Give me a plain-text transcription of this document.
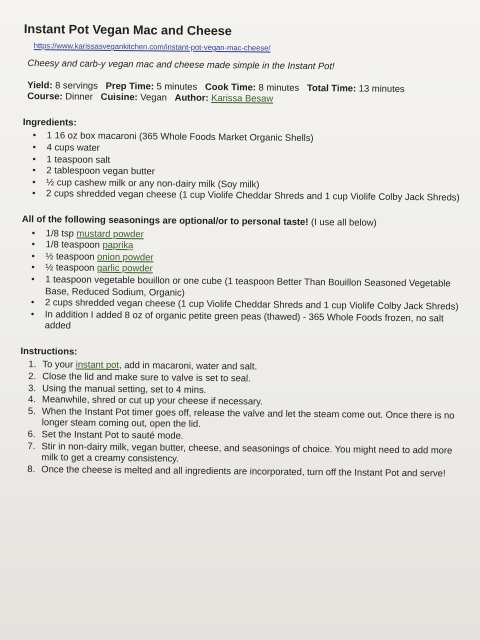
Instant Pot Vegan Mac and Cheese
https://www.karissasvegankitchen.com/instant-pot-vegan-mac-cheese/
Cheesy and carb-y vegan mac and cheese made simple in the Instant Pot!
Yield: 8 servings Prep Time: 5 minutes Cook Time: 8 minutes Total Time: 13 minutes
Course: Dinner Cuisine: Vegan Author: Karissa Besaw
Ingredients:
• 1 16 oz box macaroni (365 Whole Foods Market Organic Shells)
• 4 cups water
• 1 teaspoon salt
• 2 tablespoon vegan butter
• ½ cup cashew milk or any non-dairy milk (Soy milk)
• 2 cups shredded vegan cheese (1 cup Violife Cheddar Shreds and 1 cup Violife Colby Jack Shreds)
All of the following seasonings are optional/or to personal taste! (I use all below)
• 1/8 tsp mustard powder
• 1/8 teaspoon paprika
• ½ teaspoon onion powder
• ½ teaspoon garlic powder
• 1 teaspoon vegetable bouillon or one cube (1 teaspoon Better Than Bouillon Seasoned Vegetable Base, Reduced Sodium, Organic)
• 2 cups shredded vegan cheese (1 cup Violife Cheddar Shreds and 1 cup Violife Colby Jack Shreds)
• In addition I added 8 oz of organic petite green peas (thawed) - 365 Whole Foods frozen, no salt added
Instructions:
1. To your instant pot, add in macaroni, water and salt.
2. Close the lid and make sure to valve is set to seal.
3. Using the manual setting, set to 4 mins.
4. Meanwhile, shred or cut up your cheese if necessary.
5. When the Instant Pot timer goes off, release the valve and let the steam come out. Once there is no longer steam coming out, open the lid.
6. Set the Instant Pot to sauté mode.
7. Stir in non-dairy milk, vegan butter, cheese, and seasonings of choice. You might need to add more milk to get a creamy consistency.
8. Once the cheese is melted and all ingredients are incorporated, turn off the Instant Pot and serve!
